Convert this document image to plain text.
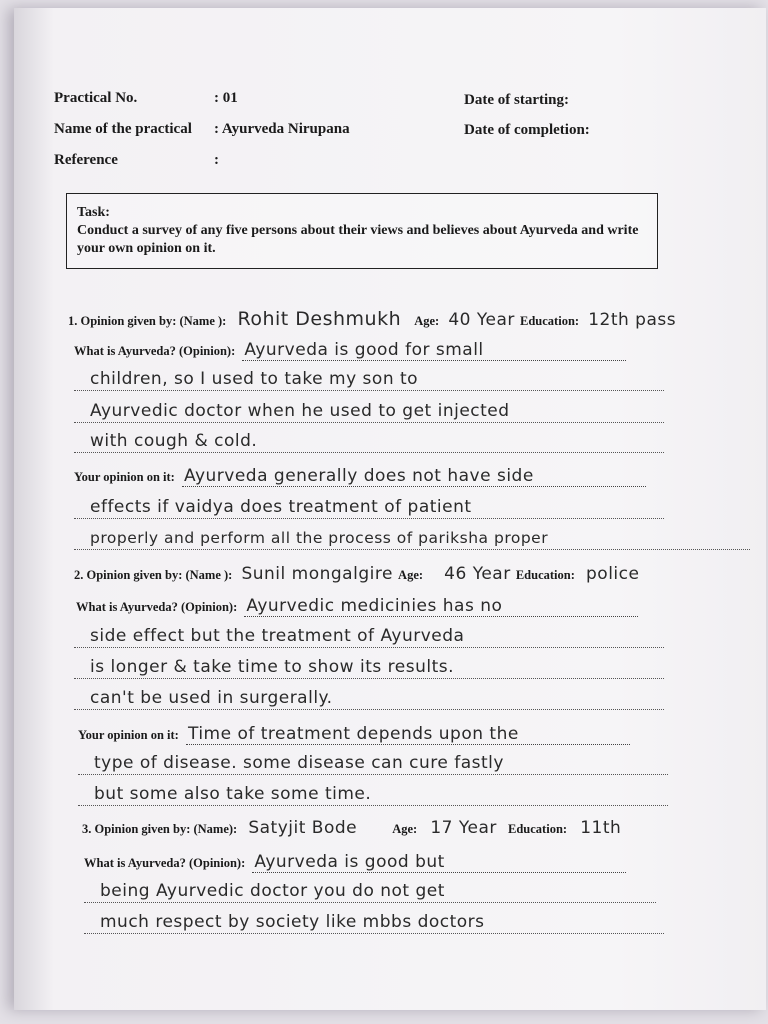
Practical No.	: 01	Date of starting:
Name of the practical : Ayurveda Nirupana	Date of completion:
Reference	:
Task:
Conduct a survey of any five persons about their views and believes about Ayurveda and write your own opinion on it.
1. Opinion given by: (Name ): Rohit Deshmukh Age: 40 Year Education: 12th pass
What is Ayurveda? (Opinion): Ayurveda is good for small
children, so I used to take my son to
Ayurvedic doctor when he used to get injected
with cough & cold.
Your opinion on it: Ayurveda generally does not have side
effects if vaidya does treatment of patient
properly and perform all the process of pariksha proper
2. Opinion given by: (Name ): Sunil mongalgire Age: 46 Year Education: police
What is Ayurveda? (Opinion): Ayurvedic medicinies has no
side effect but the treatment of Ayurveda
is longer & take time to show its results.
can't be used in surgerally.
Your opinion on it: Time of treatment depends upon the
type of disease. some disease can cure fastly
but some also take some time.
3. Opinion given by: (Name): Satyjit Bode	Age: 17 Year Education: 11th
What is Ayurveda? (Opinion): Ayurveda is good but
being Ayurvedic doctor you do not get
much respect by society like mbbs doctors
